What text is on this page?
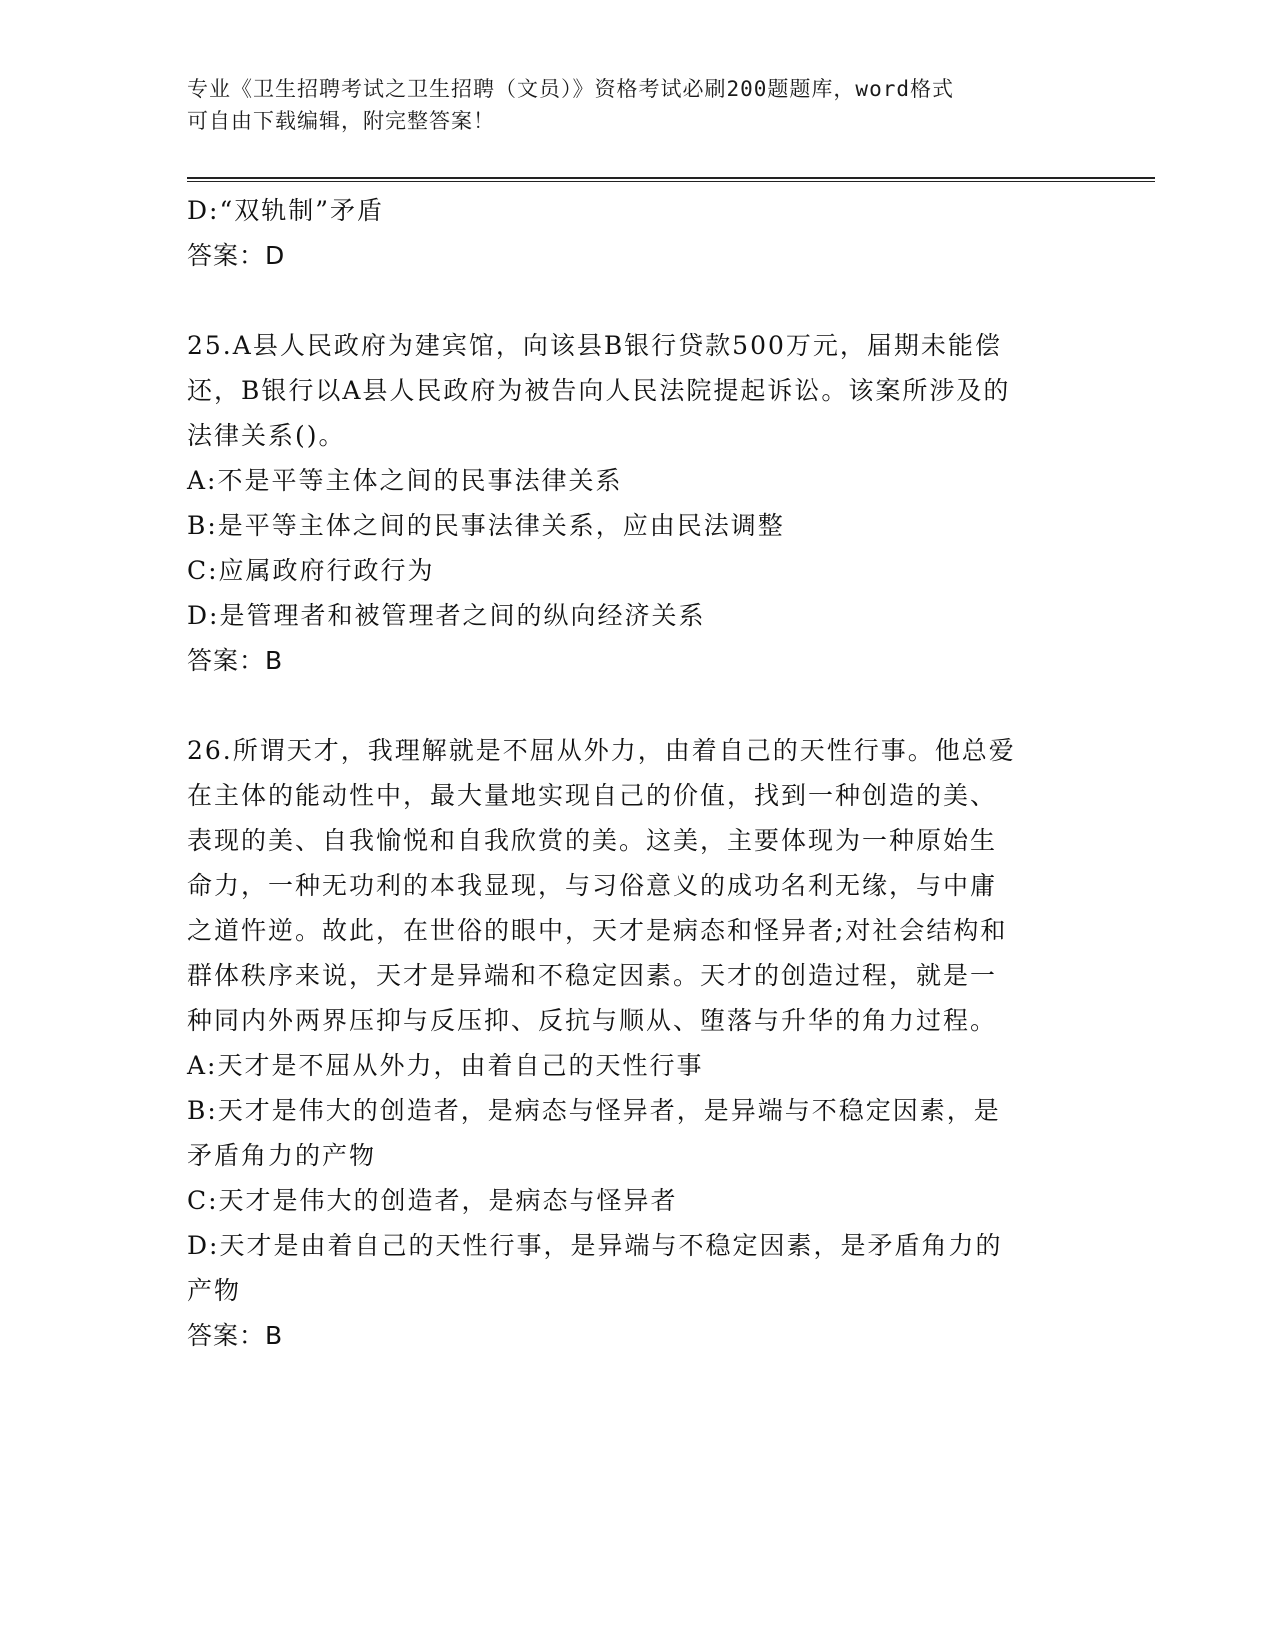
专业《卫生招聘考试之卫生招聘（文员）》资格考试必刷200题题库，word格式
可自由下载编辑，附完整答案！
D:“双轨制”矛盾
答案：D
25.A县人民政府为建宾馆，向该县B银行贷款500万元，届期未能偿
还，B银行以A县人民政府为被告向人民法院提起诉讼。该案所涉及的
法律关系()。
A:不是平等主体之间的民事法律关系
B:是平等主体之间的民事法律关系，应由民法调整
C:应属政府行政行为
D:是管理者和被管理者之间的纵向经济关系
答案：B
26.所谓天才，我理解就是不屈从外力，由着自己的天性行事。他总爱
在主体的能动性中，最大量地实现自己的价值，找到一种创造的美、
表现的美、自我愉悦和自我欣赏的美。这美，主要体现为一种原始生
命力，一种无功利的本我显现，与习俗意义的成功名利无缘，与中庸
之道忤逆。故此，在世俗的眼中，天才是病态和怪异者;对社会结构和
群体秩序来说，天才是异端和不稳定因素。天才的创造过程，就是一
种同内外两界压抑与反压抑、反抗与顺从、堕落与升华的角力过程。
A:天才是不屈从外力，由着自己的天性行事
B:天才是伟大的创造者，是病态与怪异者，是异端与不稳定因素，是
矛盾角力的产物
C:天才是伟大的创造者，是病态与怪异者
D:天才是由着自己的天性行事，是异端与不稳定因素，是矛盾角力的
产物
答案：B
